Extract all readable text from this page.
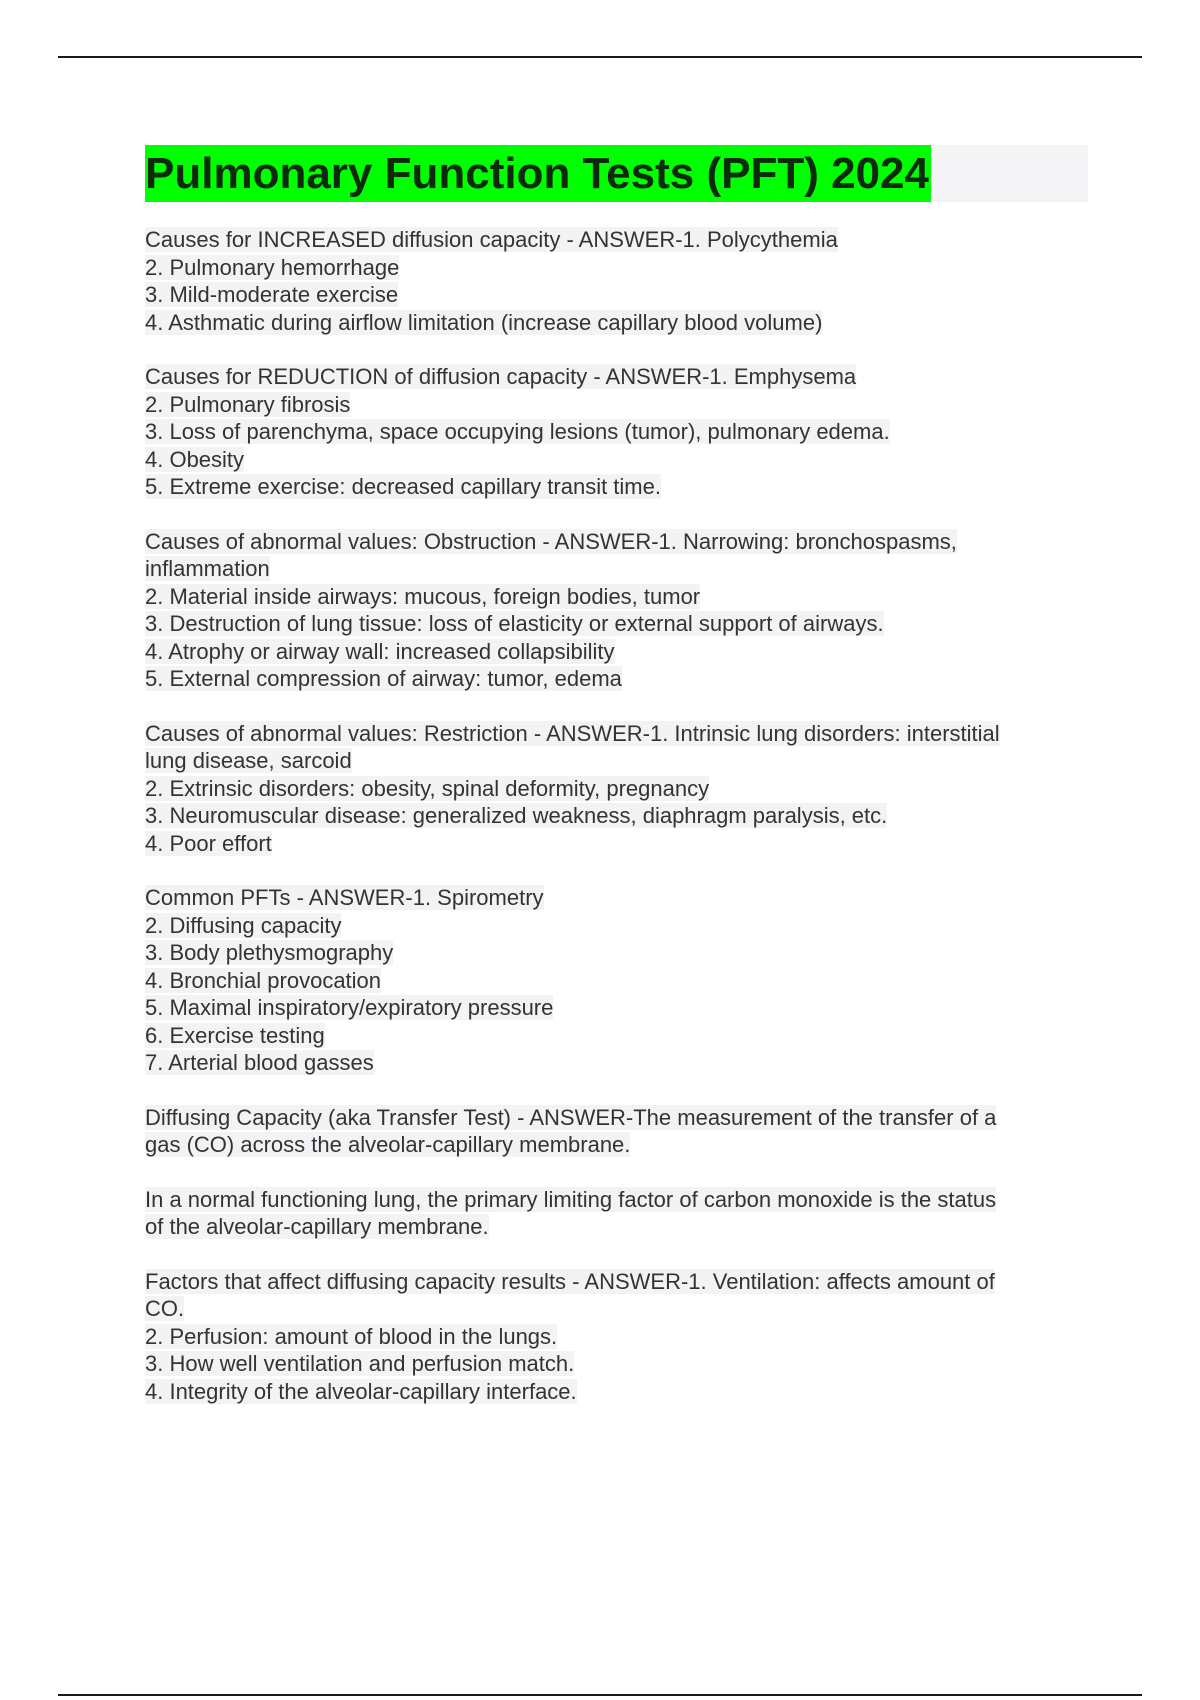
Pulmonary Function Tests (PFT) 2024
Causes for INCREASED diffusion capacity - ANSWER-1. Polycythemia
2. Pulmonary hemorrhage
3. Mild-moderate exercise
4. Asthmatic during airflow limitation (increase capillary blood volume)
Causes for REDUCTION of diffusion capacity - ANSWER-1. Emphysema
2. Pulmonary fibrosis
3. Loss of parenchyma, space occupying lesions (tumor), pulmonary edema.
4. Obesity
5. Extreme exercise: decreased capillary transit time.
Causes of abnormal values: Obstruction - ANSWER-1. Narrowing: bronchospasms,
inflammation
2. Material inside airways: mucous, foreign bodies, tumor
3. Destruction of lung tissue: loss of elasticity or external support of airways.
4. Atrophy or airway wall: increased collapsibility
5. External compression of airway: tumor, edema
Causes of abnormal values: Restriction - ANSWER-1. Intrinsic lung disorders: interstitial
lung disease, sarcoid
2. Extrinsic disorders: obesity, spinal deformity, pregnancy
3. Neuromuscular disease: generalized weakness, diaphragm paralysis, etc.
4. Poor effort
Common PFTs - ANSWER-1. Spirometry
2. Diffusing capacity
3. Body plethysmography
4. Bronchial provocation
5. Maximal inspiratory/expiratory pressure
6. Exercise testing
7. Arterial blood gasses
Diffusing Capacity (aka Transfer Test) - ANSWER-The measurement of the transfer of a
gas (CO) across the alveolar-capillary membrane.
In a normal functioning lung, the primary limiting factor of carbon monoxide is the status
of the alveolar-capillary membrane.
Factors that affect diffusing capacity results - ANSWER-1. Ventilation: affects amount of
CO.
2. Perfusion: amount of blood in the lungs.
3. How well ventilation and perfusion match.
4. Integrity of the alveolar-capillary interface.
